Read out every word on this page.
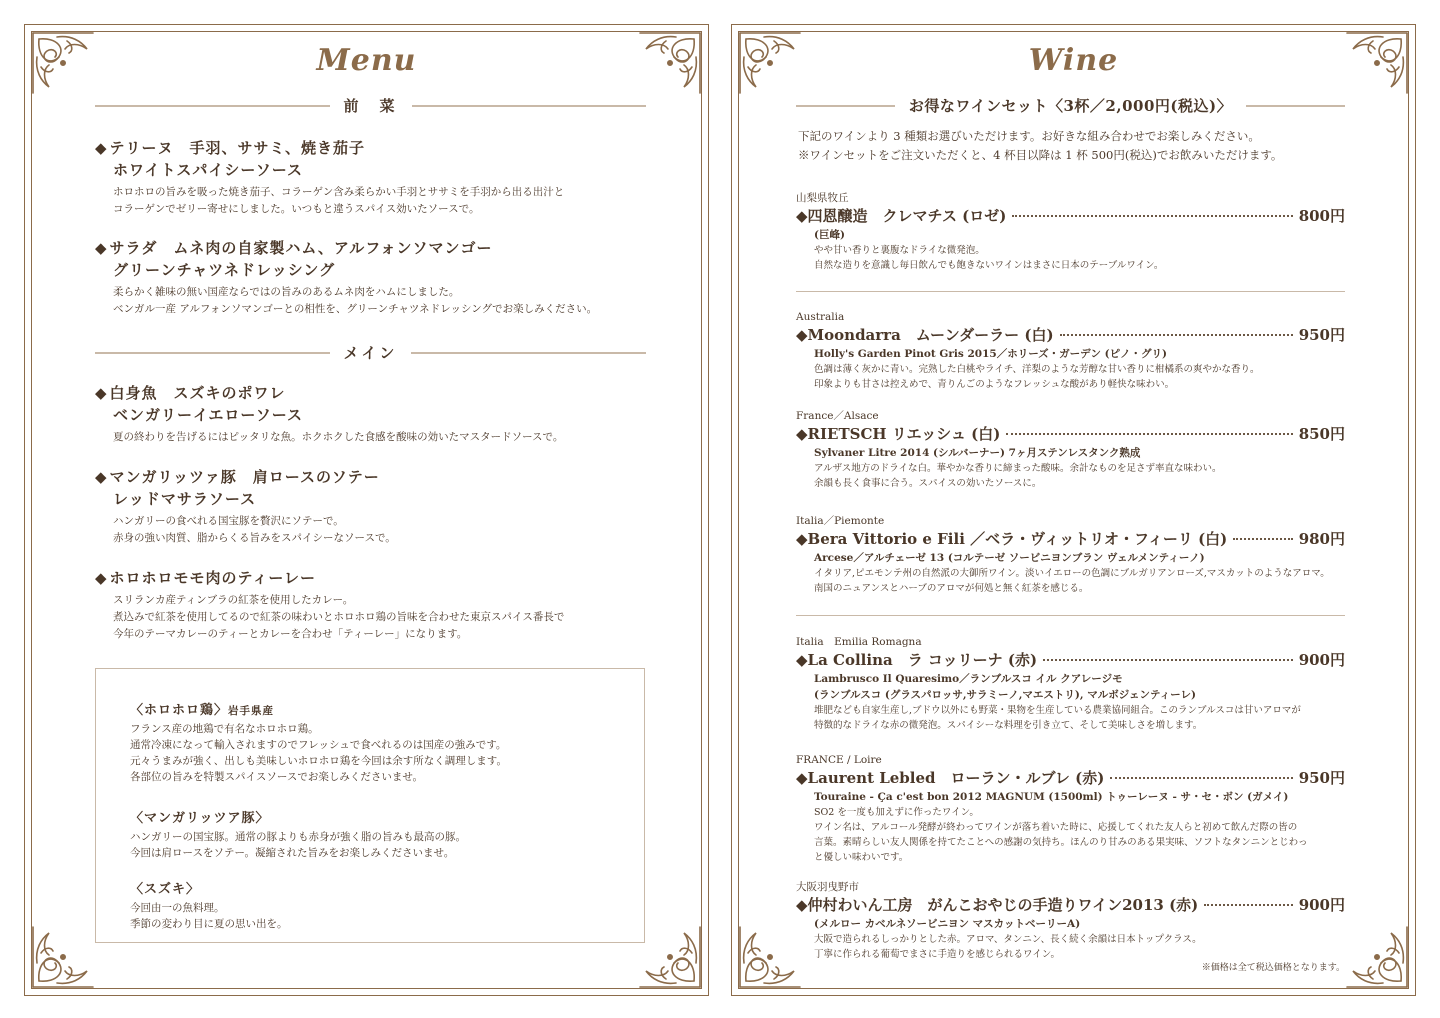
Menu
前　菜
◆ テリーヌ　手羽、ササミ、焼き茄子
ホワイトスパイシーソース
ホロホロの旨みを吸った焼き茄子、コラーゲン含み柔らかい手羽とササミを手羽から出る出汁と
コラーゲンでゼリー寄せにしました。いつもと違うスパイス効いたソースで。
◆ サラダ　ムネ肉の自家製ハム、アルフォンソマンゴー
グリーンチャツネドレッシング
柔らかく雑味の無い国産ならではの旨みのあるムネ肉をハムにしました。
ベンガル一産 アルフォンソマンゴーとの相性を、グリーンチャツネドレッシングでお楽しみください。
メイン
◆ 白身魚　スズキのポワレ
ベンガリーイエローソース
夏の終わりを告げるにはピッタリな魚。ホクホクした食感を酸味の効いたマスタードソースで。
◆ マンガリッツァ豚　肩ロースのソテー
レッドマサラソース
ハンガリーの食べれる国宝豚を贅沢にソテーで。
赤身の強い肉質、脂からくる旨みをスパイシーなソースで。
◆ ホロホロモモ肉のティーレー
スリランカ産ティンブラの紅茶を使用したカレー。
煮込みで紅茶を使用してるので紅茶の味わいとホロホロ鶏の旨味を合わせた東京スパイス番長で
今年のテーマカレーのティーとカレーを合わせ「ティーレー」になります。
〈ホロホロ鶏〉岩手県産
フランス産の地鶏で有名なホロホロ鶏。
通常冷凍になって輸入されますのでフレッシュで食べれるのは国産の強みです。
元々うまみが強く、出しも美味しいホロホロ鶏を今回は余す所なく調理します。
各部位の旨みを特製スパイスソースでお楽しみくださいませ。
〈マンガリッツア豚〉
ハンガリーの国宝豚。通常の豚よりも赤身が強く脂の旨みも最高の豚。
今回は肩ロースをソテー。凝縮された旨みをお楽しみくださいませ。
〈スズキ〉
今回由一の魚料理。
季節の変わり目に夏の思い出を。
Wine
お得なワインセット〈3杯／2,000円(税込)〉
下記のワインより 3 種類お選びいただけます。お好きな組み合わせでお楽しみください。
※ワインセットをご注文いただくと、4 杯目以降は 1 杯 500円(税込)でお飲みいただけます。
山梨県牧丘
◆ 四恩醸造　クレマチス (ロゼ)	800円
(巨峰)
やや甘い香りと裏腹なドライな微発泡。
自然な造りを意識し毎日飲んでも飽きないワインはまさに日本のテーブルワイン。
Australia
◆ Moondarra　ムーンダーラー (白)	950円
Holly's Garden Pinot Gris 2015／ホリーズ・ガーデン (ピノ・グリ)
色調は薄く灰かに青い。完熟した白桃やライチ、洋梨のような芳醇な甘い香りに柑橘系の爽やかな香り。
印象よりも甘さは控えめで、青りんごのようなフレッシュな酸があり軽快な味わい。
France／Alsace
◆ RIETSCH リエッシュ (白)	850円
Sylvaner Litre 2014 (シルバーナー) 7ヶ月ステンレスタンク熟成
アルザス地方のドライな白。華やかな香りに締まった酸味。余計なものを足さず率直な味わい。
余韻も長く食事に合う。スパイスの効いたソースに。
Italia／Piemonte
◆ Bera Vittorio e Fili ／ベラ・ヴィットリオ・フィーリ (白)	980円
Arcese／アルチェーゼ 13 (コルテーゼ ソービニヨンブラン ヴェルメンティーノ)
イタリア,ピエモンテ州の自然派の大御所ワイン。淡いイエローの色調にブルガリアンローズ,マスカットのようなアロマ。
南国のニュアンスとハーブのアロマが何処と無く紅茶を感じる。
Italia　Emilia Romagna
◆ La Collina　ラ コッリーナ (赤)	900円
Lambrusco Il Quaresimo／ランブルスコ イル クアレージモ
(ランブルスコ (グラスパロッサ,サラミーノ,マエストリ), マルボジェンティーレ)
堆肥なども自家生産し,ブドウ以外にも野菜・果物を生産している農業協同組合。このランブルスコは甘いアロマが
特徴的なドライな赤の微発泡。スパイシーな料理を引き立て、そして美味しさを増します。
FRANCE / Loire
◆ Laurent Lebled　ローラン・ルブレ (赤)	950円
Touraine - Ça c'est bon 2012 MAGNUM (1500ml) トゥーレーヌ - サ・セ・ボン (ガメイ)
SO2 を一度も加えずに作ったワイン。
ワイン名は、アルコール発酵が終わってワインが落ち着いた時に、応援してくれた友人らと初めて飲んだ際の皆の
言葉。素晴らしい友人関係を持てたことへの感謝の気持ち。ほんのり甘みのある果実味、ソフトなタンニンとじわっ
と優しい味わいです。
大阪羽曳野市
◆ 仲村わいん工房　がんこおやじの手造りワイン2013 (赤)	900円
(メルロー カベルネソービニヨン マスカットベーリーA)
大阪で造られるしっかりとした赤。アロマ、タンニン、長く続く余韻は日本トップクラス。
丁寧に作られる葡萄でまさに手造りを感じられるワイン。
※価格は全て税込価格となります。
